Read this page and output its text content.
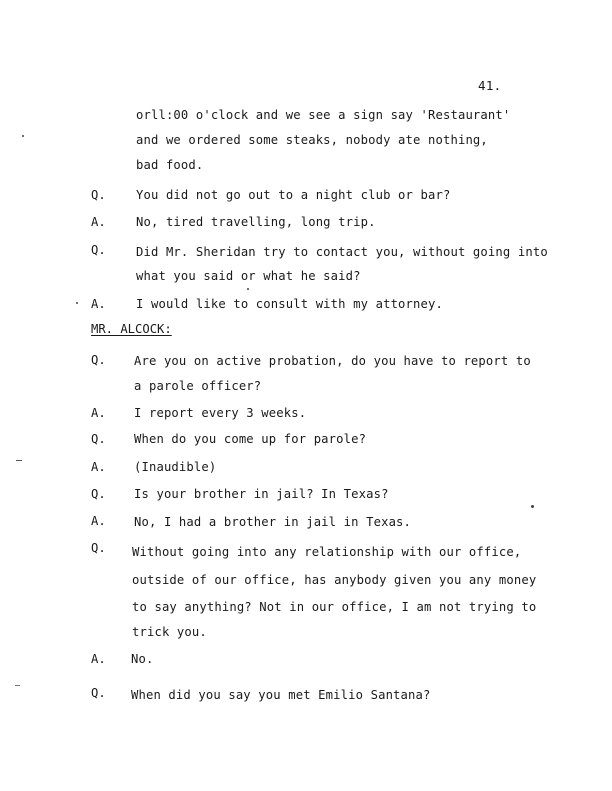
41.
orll:00 o'clock and we see a sign say 'Restaurant'
and we ordered some steaks, nobody ate nothing,
bad food.
Q. You did not go out to a night club or bar?
A. No, tired travelling, long trip.
Q. Did Mr. Sheridan try to contact you, without going into
what you said or what he said?
A. I would like to consult with my attorney.
MR. ALCOCK:
Q. Are you on active probation, do you have to report to
a parole officer?
A. I report every 3 weeks.
Q. When do you come up for parole?
A. (Inaudible)
Q. Is your brother in jail? In Texas?
A. No, I had a brother in jail in Texas.
Q. Without going into any relationship with our office,
outside of our office, has anybody given you any money
to say anything? Not in our office, I am not trying to
trick you.
A. No.
Q. When did you say you met Emilio Santana?
